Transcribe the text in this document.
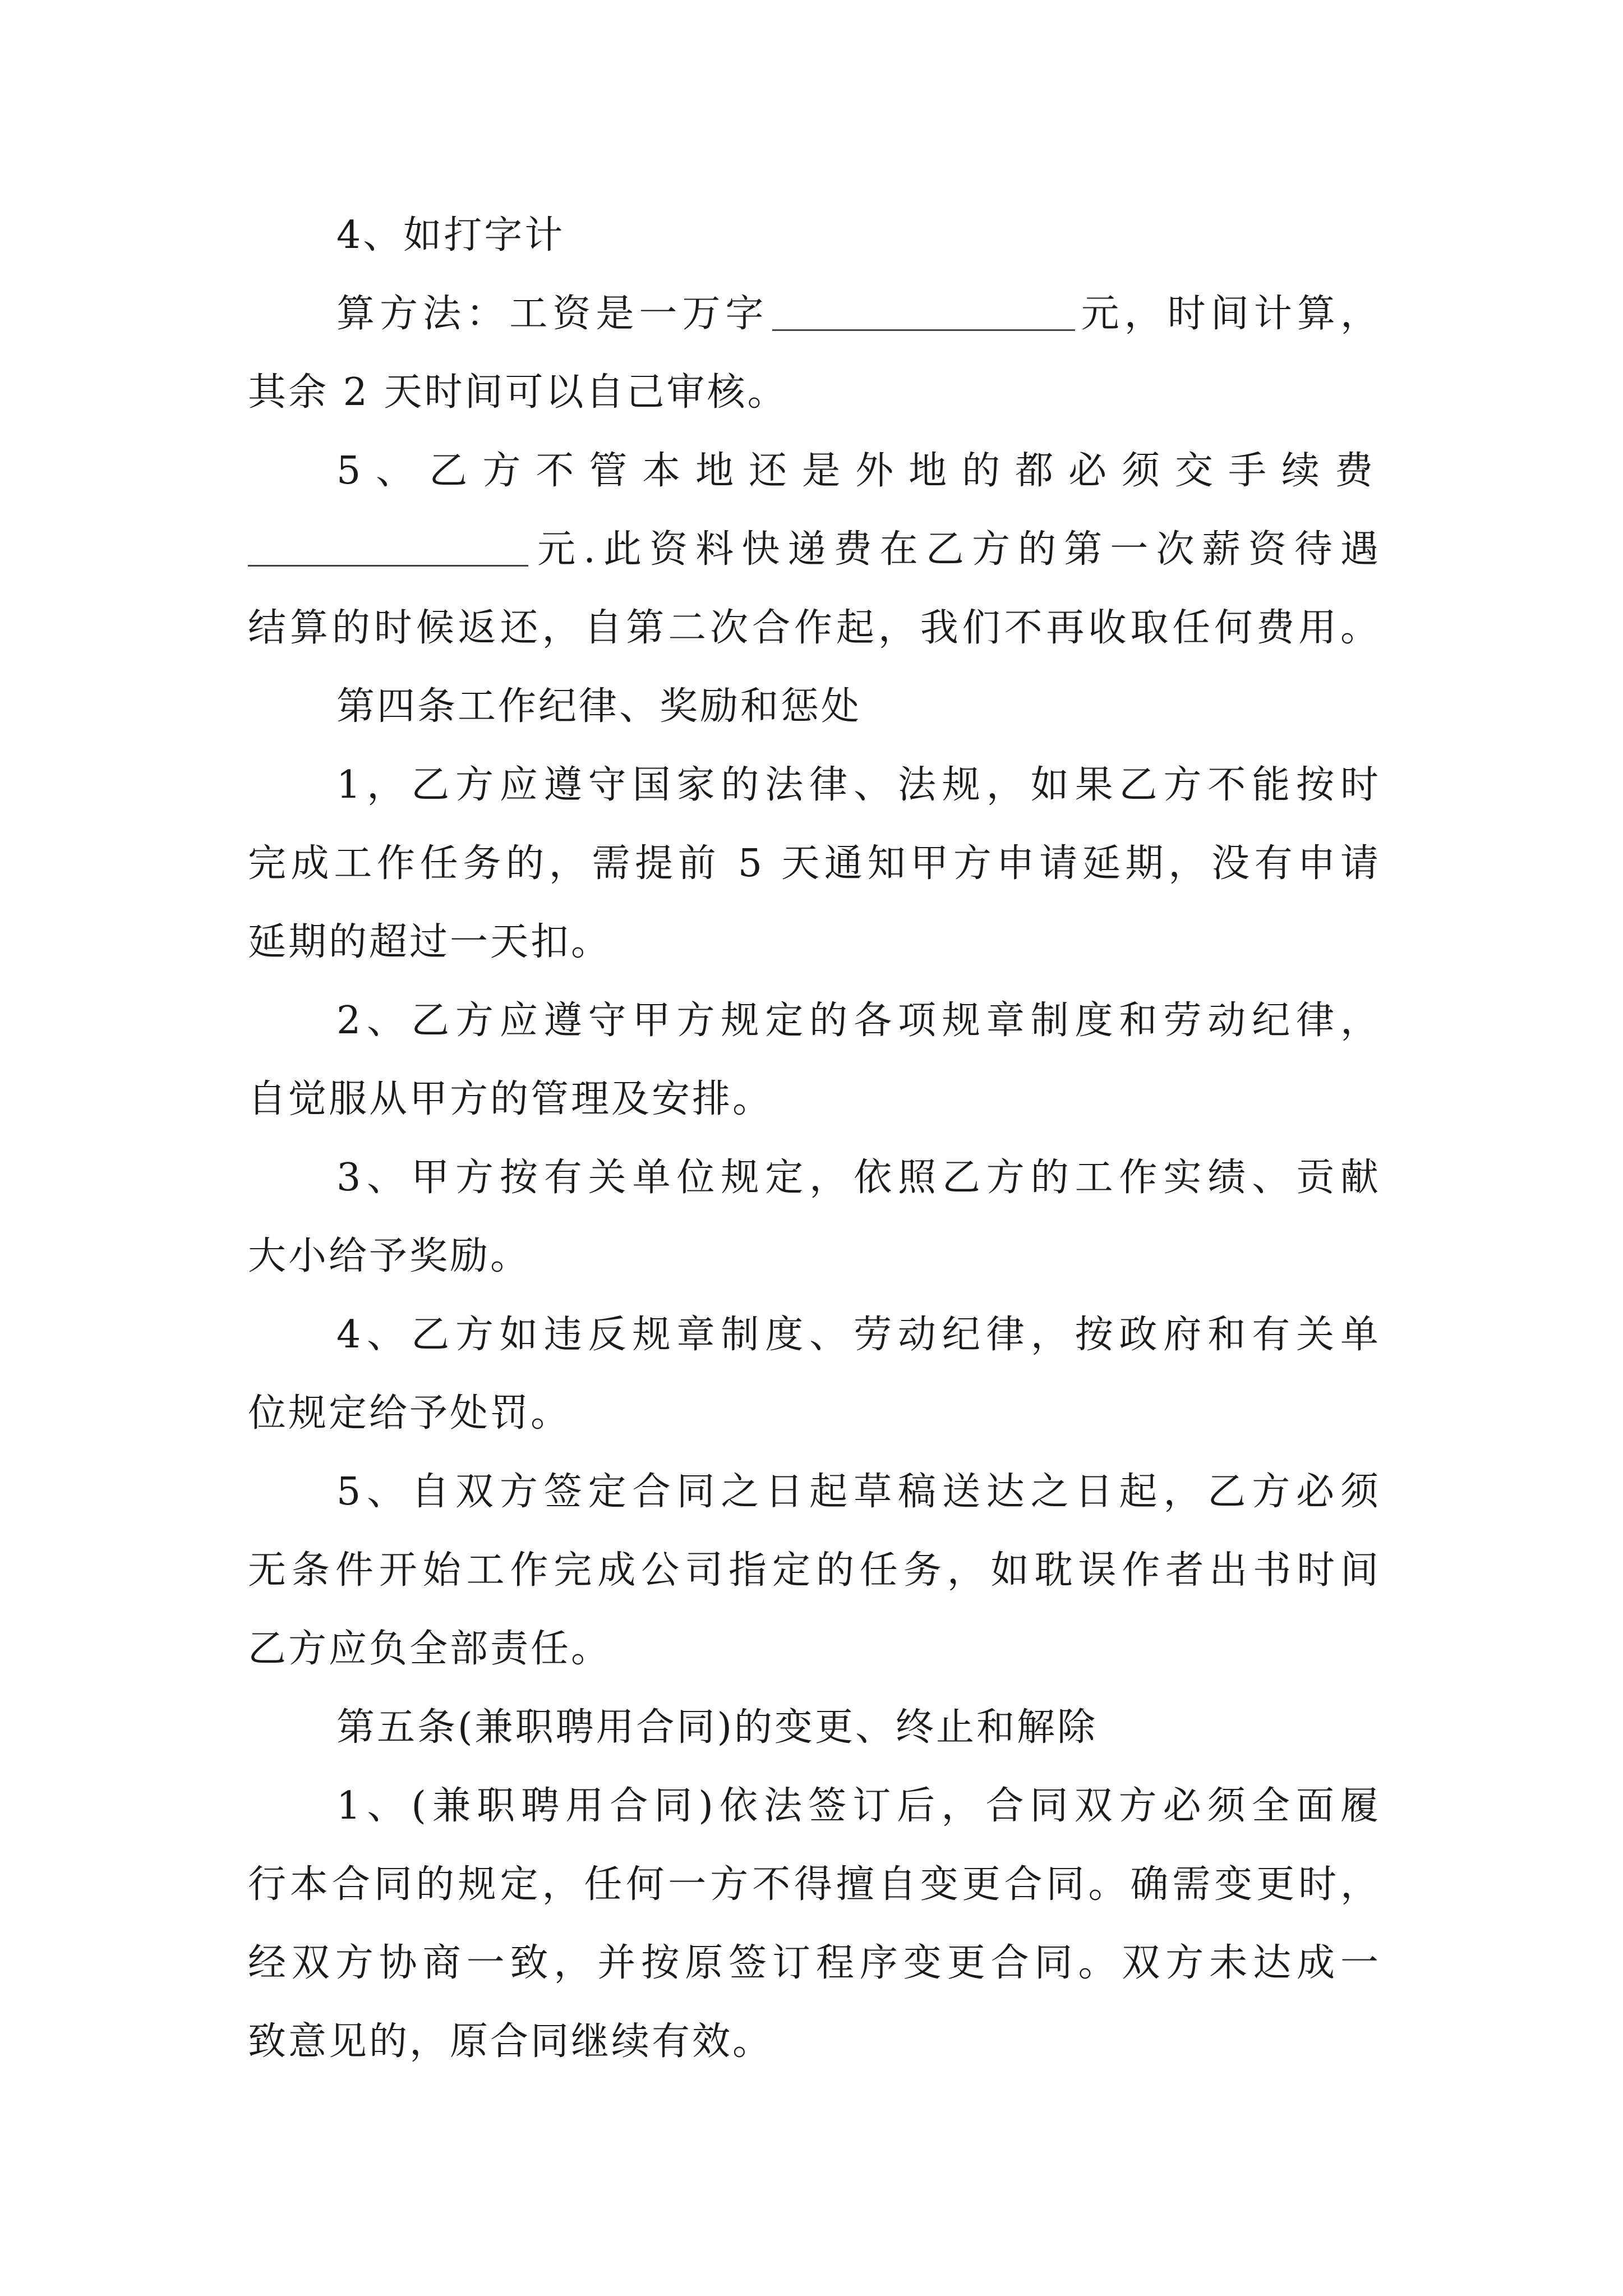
4、如打字计
算方法：工资是一万字	元，时间计算，
其余 2 天时间可以自己审核。
5、乙方不管本地还是外地的都必须交手续费
元.此资料快递费在乙方的第一次薪资待遇
结算的时候返还，自第二次合作起，我们不再收取任何费用。
第四条工作纪律、奖励和惩处
1，乙方应遵守国家的法律、法规，如果乙方不能按时
完成工作任务的，需提前 5 天通知甲方申请延期，没有申请
延期的超过一天扣。
2、乙方应遵守甲方规定的各项规章制度和劳动纪律，
自觉服从甲方的管理及安排。
3、甲方按有关单位规定，依照乙方的工作实绩、贡献
大小给予奖励。
4、乙方如违反规章制度、劳动纪律，按政府和有关单
位规定给予处罚。
5、自双方签定合同之日起草稿送达之日起，乙方必须
无条件开始工作完成公司指定的任务，如耽误作者出书时间
乙方应负全部责任。
第五条(兼职聘用合同)的变更、终止和解除
1、(兼职聘用合同)依法签订后，合同双方必须全面履
行本合同的规定，任何一方不得擅自变更合同。确需变更时，
经双方协商一致，并按原签订程序变更合同。双方未达成一
致意见的，原合同继续有效。
